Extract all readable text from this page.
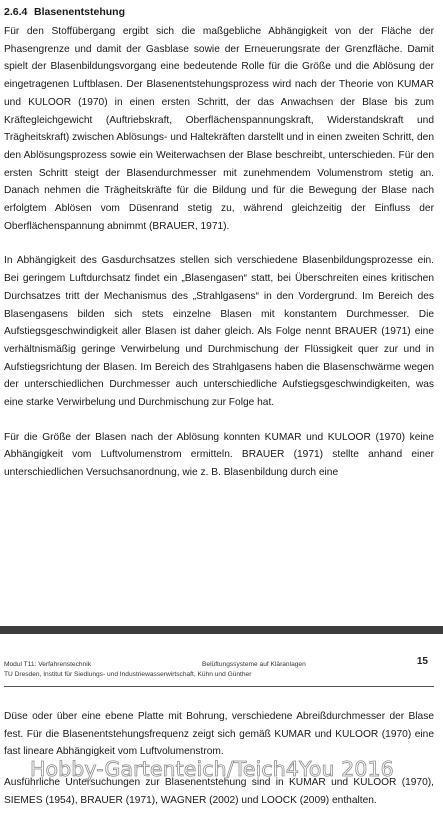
2.6.4 Blasenentstehung

Für den Stoffübergang ergibt sich die maßgebliche Abhängigkeit von der Fläche der Phasengrenze und damit der Gasblase sowie der Erneuerungsrate der Grenzfläche. Damit spielt der Blasenbildungsvorgang eine bedeutende Rolle für die Größe und die Ablösung der eingetragenen Luftblasen. Der Blasenentstehungsprozess wird nach der Theorie von KUMAR und KULOOR (1970) in einen ersten Schritt, der das Anwachsen der Blase bis zum Kräftegleichgewicht (Auftriebskraft, Oberflächenspannungskraft, Widerstandskraft und Trägheitskraft) zwischen Ablösungs- und Haltekräften darstellt und in einen zweiten Schritt, den den Ablösungsprozess sowie ein Weiterwachsen der Blase beschreibt, unterschieden. Für den ersten Schritt steigt der Blasendurchmesser mit zunehmendem Volumenstrom stetig an. Danach nehmen die Trägheitskräfte für die Bildung und für die Bewegung der Blase nach erfolgtem Ablösen vom Düsenrand stetig zu, während gleichzeitig der Einfluss der Oberflächenspannung abnimmt (BRAUER, 1971).

In Abhängigkeit des Gasdurchsatzes stellen sich verschiedene Blasenbildungsprozesse ein. Bei geringem Luftdurchsatz findet ein „Blasengasen“ statt, bei Überschreiten eines kritischen Durchsatzes tritt der Mechanismus des „Strahlgasens“ in den Vordergrund. Im Bereich des Blasengasens bilden sich stets einzelne Blasen mit konstantem Durchmesser. Die Aufstiegsgeschwindigkeit aller Blasen ist daher gleich. Als Folge nennt BRAUER (1971) eine verhältnismäßig geringe Verwirbelung und Durchmischung der Flüssigkeit quer zur und in Aufstiegsrichtung der Blasen. Im Bereich des Strahlgasens haben die Blasenschwärme wegen der unterschiedlichen Durchmesser auch unterschiedliche Aufstiegsgeschwindigkeiten, was eine starke Verwirbelung und Durchmischung zur Folge hat.

Für die Größe der Blasen nach der Ablösung konnten KUMAR und KULOOR (1970) keine Abhängigkeit vom Luftvolumenstrom ermitteln. BRAUER (1971) stellte anhand einer unterschiedlichen Versuchsanordnung, wie z. B. Blasenbildung durch eine

Modul T11: Verfahrenstechnik	Belüftungssysteme auf Kläranlagen	15
TU Dresden, Institut für Siedlungs- und Industriewasserwirtschaft, Kühn und Günther

Düse oder über eine ebene Platte mit Bohrung, verschiedene Abreißdurchmesser der Blase fest. Für die Blasenentstehungsfrequenz zeigt sich gemäß KUMAR und KULOOR (1970) eine fast lineare Abhängigkeit vom Luftvolumenstrom.

Ausführliche Untersuchungen zur Blasenentstehung sind in KUMAR und KULOOR (1970), SIEMES (1954), BRAUER (1971), WAGNER (2002) und LOOCK (2009) enthalten.

Hobby-Gartenteich/Teich4You 2016
